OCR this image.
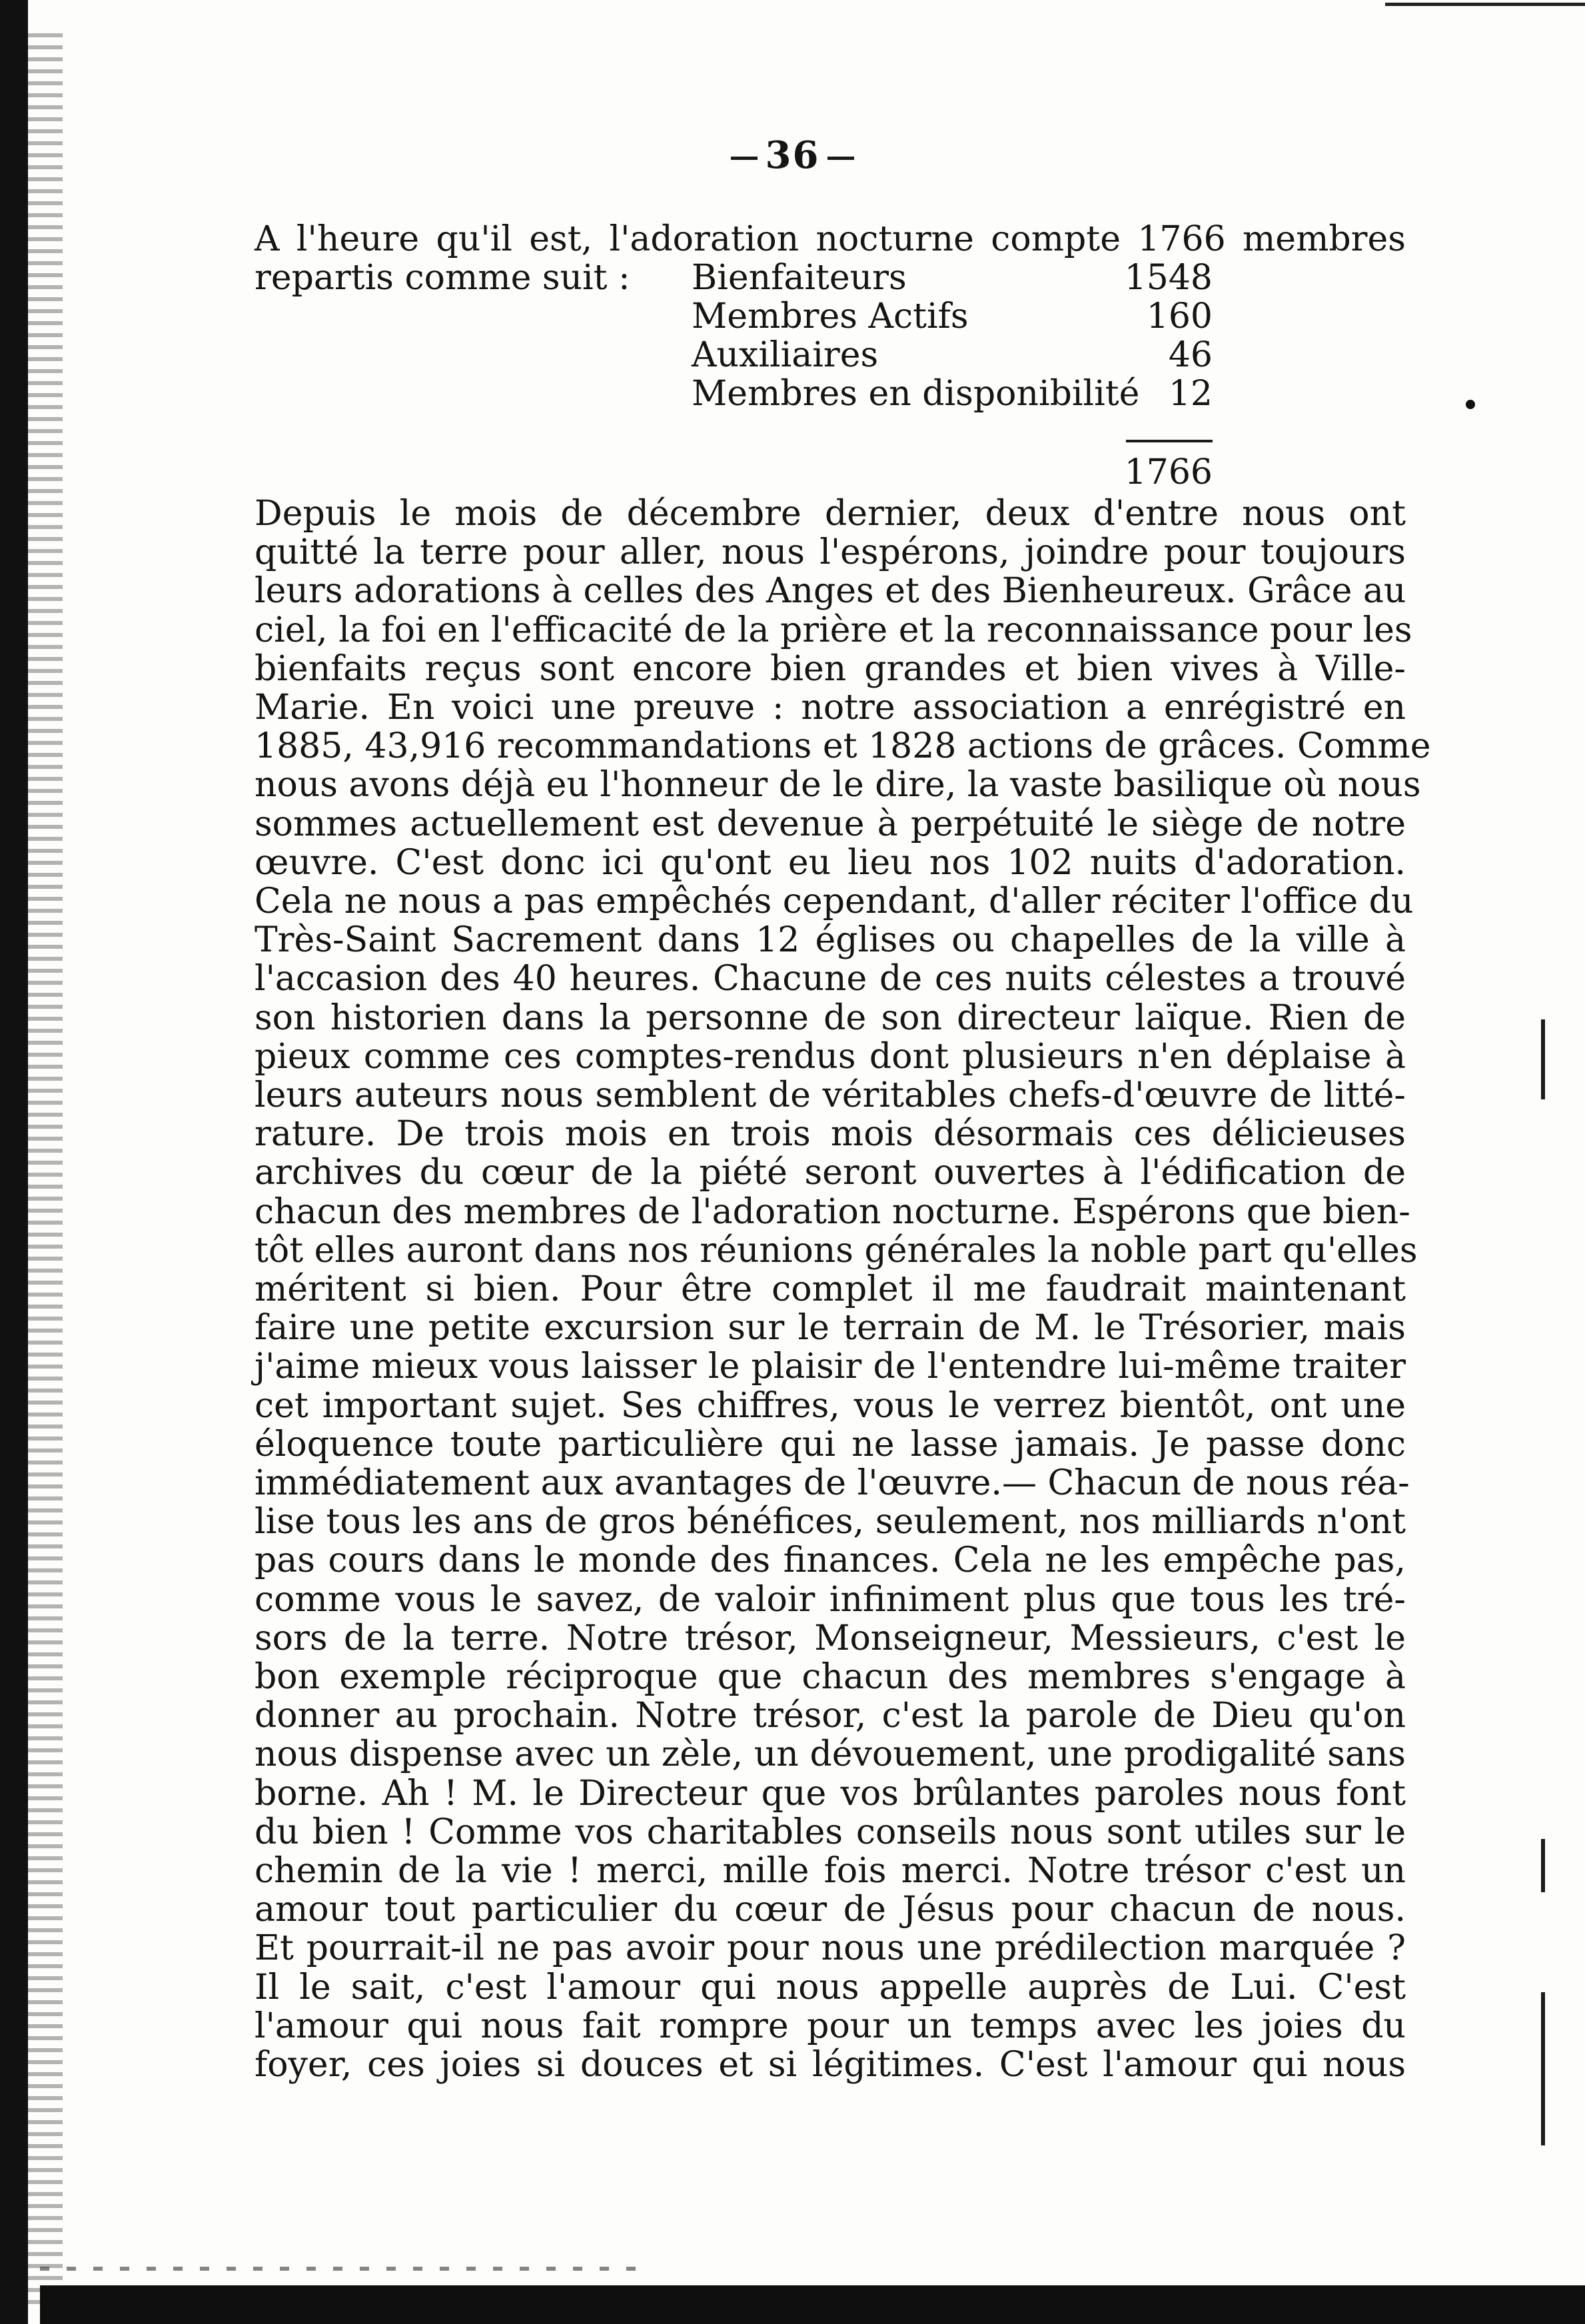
36
A l'heure qu'il est, l'adoration nocturne compte 1766 membres
repartis comme suit : Bienfaiteurs	1548
Membres Actifs	160
Auxiliaires	46
Membres en disponibilité 12
1766
Depuis le mois de décembre dernier, deux d'entre nous ont
quitté la terre pour aller, nous l'espérons, joindre pour toujours
leurs adorations à celles des Anges et des Bienheureux. Grâce au
ciel, la foi en l'efficacité de la prière et la reconnaissance pour les
bienfaits reçus sont encore bien grandes et bien vives à Ville-
Marie. En voici une preuve : notre association a enrégistré en
1885, 43,916 recommandations et 1828 actions de grâces. Comme
nous avons déjà eu l'honneur de le dire, la vaste basilique où nous
sommes actuellement est devenue à perpétuité le siège de notre
œuvre. C'est donc ici qu'ont eu lieu nos 102 nuits d'adoration.
Cela ne nous a pas empêchés cependant, d'aller réciter l'office du
Très-Saint Sacrement dans 12 églises ou chapelles de la ville à
l'accasion des 40 heures. Chacune de ces nuits célestes a trouvé
son historien dans la personne de son directeur laïque. Rien de
pieux comme ces comptes-rendus dont plusieurs n'en déplaise à
leurs auteurs nous semblent de véritables chefs-d'œuvre de litté-
rature. De trois mois en trois mois désormais ces délicieuses
archives du cœur de la piété seront ouvertes à l'édification de
chacun des membres de l'adoration nocturne. Espérons que bien-
tôt elles auront dans nos réunions générales la noble part qu'elles
méritent si bien. Pour être complet il me faudrait maintenant
faire une petite excursion sur le terrain de M. le Trésorier, mais
j'aime mieux vous laisser le plaisir de l'entendre lui-même traiter
cet important sujet. Ses chiffres, vous le verrez bientôt, ont une
éloquence toute particulière qui ne lasse jamais. Je passe donc
immédiatement aux avantages de l'œuvre.— Chacun de nous réa-
lise tous les ans de gros bénéfices, seulement, nos milliards n'ont
pas cours dans le monde des finances. Cela ne les empêche pas,
comme vous le savez, de valoir infiniment plus que tous les tré-
sors de la terre. Notre trésor, Monseigneur, Messieurs, c'est le
bon exemple réciproque que chacun des membres s'engage à
donner au prochain. Notre trésor, c'est la parole de Dieu qu'on
nous dispense avec un zèle, un dévouement, une prodigalité sans
borne. Ah ! M. le Directeur que vos brûlantes paroles nous font
du bien ! Comme vos charitables conseils nous sont utiles sur le
chemin de la vie ! merci, mille fois merci. Notre trésor c'est un
amour tout particulier du cœur de Jésus pour chacun de nous.
Et pourrait-il ne pas avoir pour nous une prédilection marquée ?
Il le sait, c'est l'amour qui nous appelle auprès de Lui. C'est
l'amour qui nous fait rompre pour un temps avec les joies du
foyer, ces joies si douces et si légitimes. C'est l'amour qui nous
